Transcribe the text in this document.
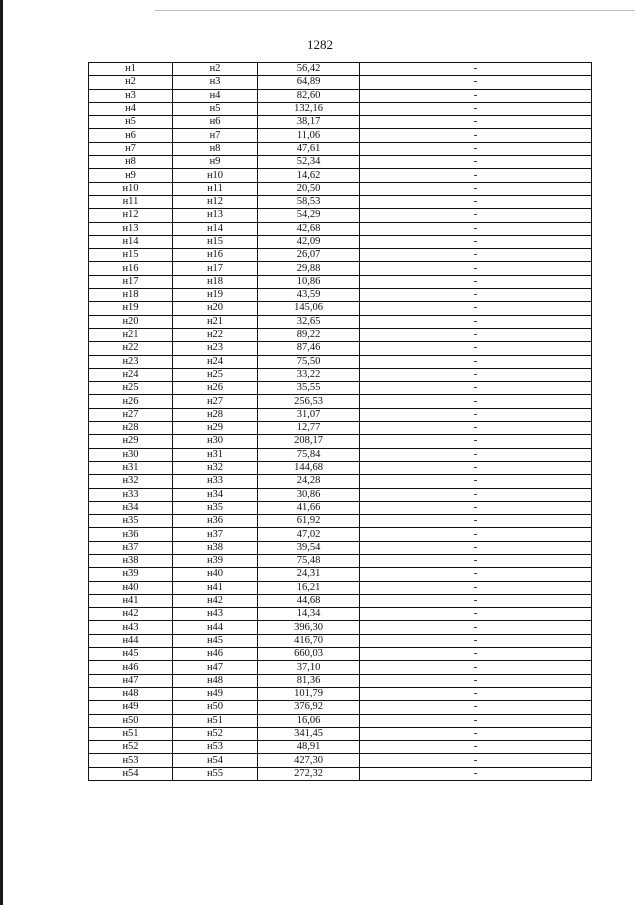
1282
н1	н2	56,42	-
н2	н3	64,89	-
н3	н4	82,60	-
н4	н5	132,16	-
н5	н6	38,17	-
н6	н7	11,06	-
н7	н8	47,61	-
н8	н9	52,34	-
н9	н10	14,62	-
н10	н11	20,50	-
н11	н12	58,53	-
н12	н13	54,29	-
н13	н14	42,68	-
н14	н15	42,09	-
н15	н16	26,07	-
н16	н17	29,88	-
н17	н18	10,86	-
н18	н19	43,59	-
н19	н20	145,06	-
н20	н21	32,65	-
н21	н22	89,22	-
н22	н23	87,46	-
н23	н24	75,50	-
н24	н25	33,22	-
н25	н26	35,55	-
н26	н27	256,53	-
н27	н28	31,07	-
н28	н29	12,77	-
н29	н30	208,17	-
н30	н31	75,84	-
н31	н32	144,68	-
н32	н33	24,28	-
н33	н34	30,86	-
н34	н35	41,66	-
н35	н36	61,92	-
н36	н37	47,02	-
н37	н38	39,54	-
н38	н39	75,48	-
н39	н40	24,31	-
н40	н41	16,21	-
н41	н42	44,68	-
н42	н43	14,34	-
н43	н44	396,30	-
н44	н45	416,70	-
н45	н46	660,03	-
н46	н47	37,10	-
н47	н48	81,36	-
н48	н49	101,79	-
н49	н50	376,92	-
н50	н51	16,06	-
н51	н52	341,45	-
н52	н53	48,91	-
н53	н54	427,30	-
н54	н55	272,32	-
